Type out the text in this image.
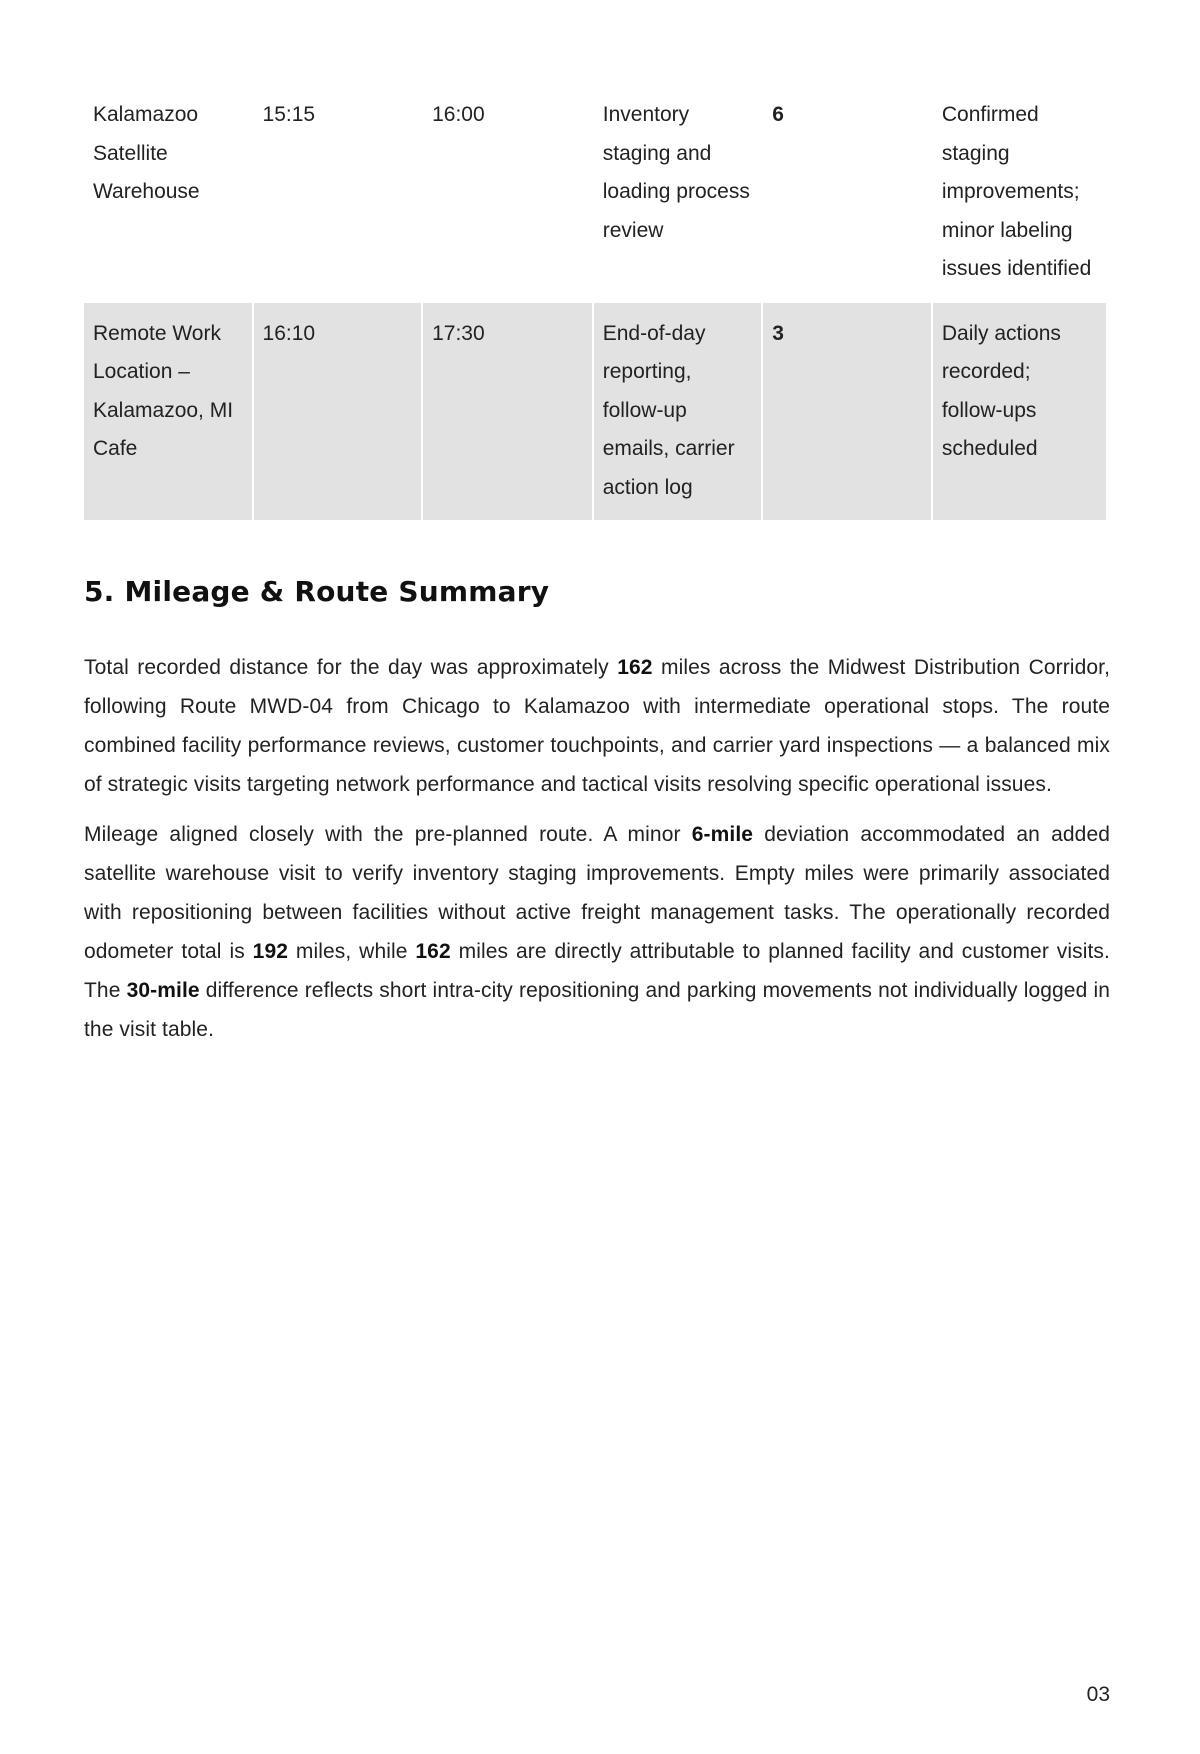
Kalamazoo Satellite Warehouse	15:15	16:00	Inventory staging and loading process review	6	Confirmed staging improvements; minor labeling issues identified
Remote Work Location – Kalamazoo, MI Cafe	16:10	17:30	End-of-day reporting, follow-up emails, carrier action log	3	Daily actions recorded; follow-ups scheduled
5. Mileage & Route Summary

Total recorded distance for the day was approximately 162 miles across the Midwest Distribution Corridor, following Route MWD-04 from Chicago to Kalamazoo with intermediate operational stops. The route combined facility performance reviews, customer touchpoints, and carrier yard inspections — a balanced mix of strategic visits targeting network performance and tactical visits resolving specific operational issues.

Mileage aligned closely with the pre-planned route. A minor 6-mile deviation accommodated an added satellite warehouse visit to verify inventory staging improvements. Empty miles were primarily associated with repositioning between facilities without active freight management tasks. The operationally recorded odometer total is 192 miles, while 162 miles are directly attributable to planned facility and customer visits. The 30-mile difference reflects short intra-city repositioning and parking movements not individually logged in the visit table.

03
